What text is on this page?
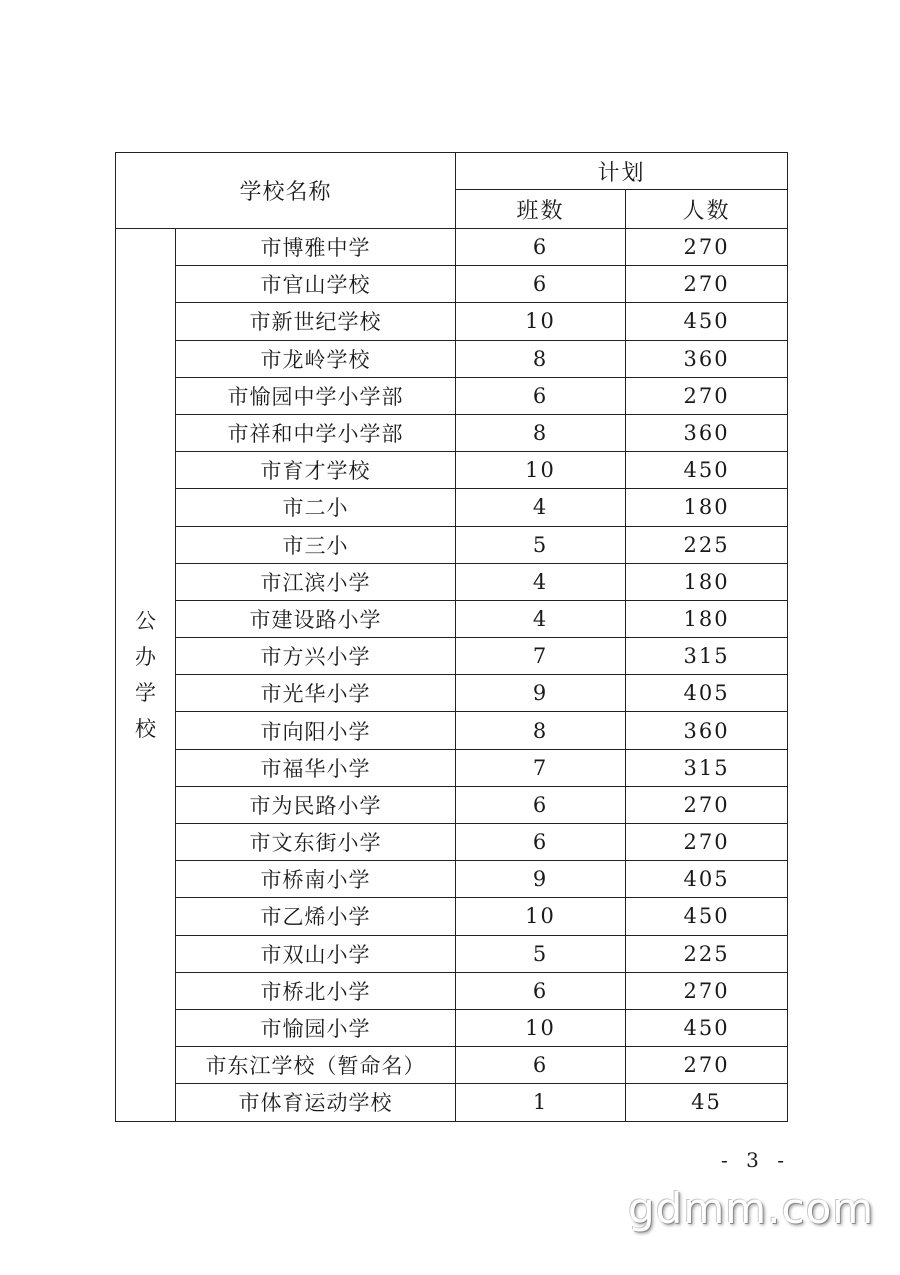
学校名称		计划	
		班数	人数

公
办
学
校	市博雅中学	6	270
	市官山学校	6	270
	市新世纪学校	10	450
	市龙岭学校	8	360
	市愉园中学小学部	6	270
	市祥和中学小学部	8	360
	市育才学校	10	450
	市二小	4	180
	市三小	5	225
	市江滨小学	4	180
	市建设路小学	4	180
	市方兴小学	7	315
	市光华小学	9	405
	市向阳小学	8	360
	市福华小学	7	315
	市为民路小学	6	270
	市文东街小学	6	270
	市桥南小学	9	405
	市乙烯小学	10	450
	市双山小学	5	225
	市桥北小学	6	270
	市愉园小学	10	450
	市东江学校（暂命名）	6	270
	市体育运动学校	1	45
- 3 -
gdmm.com
